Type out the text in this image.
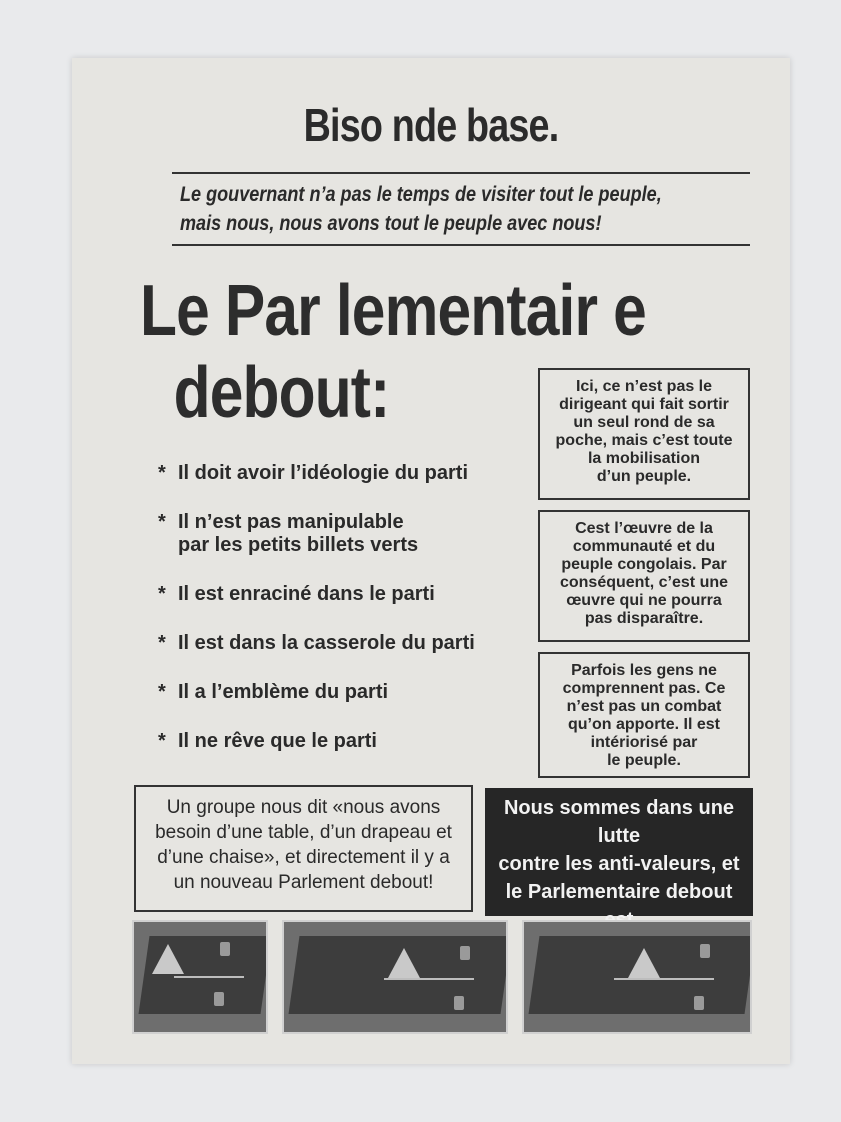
Biso nde base.
Le gouvernant n’a pas le temps de visiter tout le peuple, mais nous, nous avons tout le peuple avec nous!
Le Par lementair e
debout:
* Il doit avoir l’idéologie du parti
* Il n’est pas manipulable
par les petits billets verts
* Il est enraciné dans le parti
* Il est dans la casserole du parti
* Il a l’emblème du parti
* Il ne rêve que le parti
Ici, ce n’est pas le
dirigeant qui fait sortir
un seul rond de sa
poche, mais c’est toute
la mobilisation
d’un peuple.
Cest l’œuvre de la
communauté et du
peuple congolais. Par
conséquent, c’est une
œuvre qui ne pourra
pas disparaître.
Parfois les gens ne
comprennent pas. Ce
n’est pas un combat
qu’on apporte. Il est
intériorisé par
le peuple.
Un groupe nous dit «nous avons
besoin d’une table, d’un drapeau et
d’une chaise», et directement il y a
un nouveau Parlement debout!
Nous sommes dans une lutte
contre les anti-valeurs, et
le Parlementaire debout
